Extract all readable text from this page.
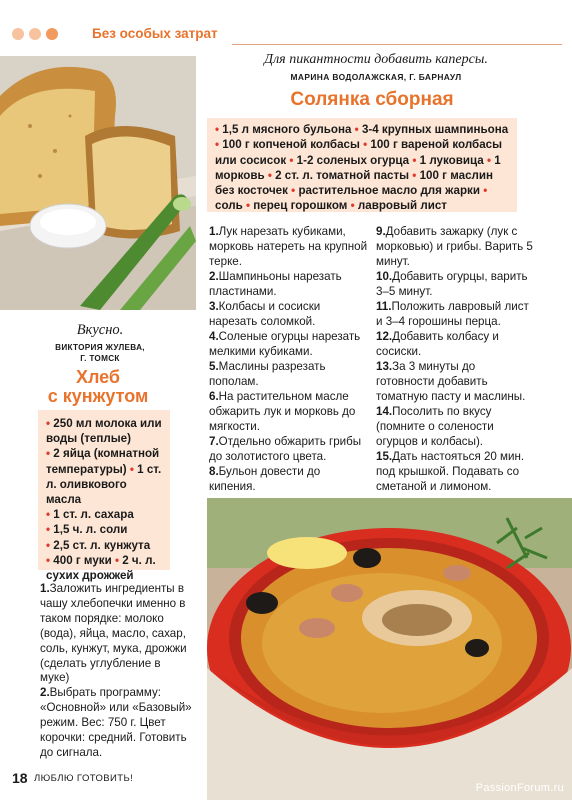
Без особых затрат
Вкусно.
ВИКТОРИЯ ЖУЛЕВА,
Г. ТОМСК
Хлеб
с кунжутом
• 250 мл молока или воды (теплые)
• 2 яйца (комнатной температуры) • 1 ст. л. оливкового масла
• 1 ст. л. сахара
• 1,5 ч. л. соли
• 2,5 ст. л. кунжута
• 400 г муки • 2 ч. л. сухих дрожжей
1.Заложить ингредиенты в чашу хлебопечки именно в таком порядке: молоко (вода), яйца, масло, сахар, соль, кунжут, мука, дрожжи (сделать углубление в муке)
2.Выбрать программу: «Основной» или «Базовый» режим. Вес: 750 г. Цвет корочки: средний. Готовить до сигнала.
18 ЛЮБЛЮ ГОТОВИТЬ!
Для пикантности добавить каперсы.
МАРИНА ВОДОЛАЖСКАЯ, Г. БАРНАУЛ
Солянка сборная
• 1,5 л мясного бульона • 3-4 крупных шампиньона • 100 г копченой колбасы • 100 г вареной колбасы или сосисок • 1-2 соленых огурца • 1 луковица • 1 морковь • 2 ст. л. томатной пасты • 100 г маслин без косточек • растительное масло для жарки • соль • перец горошком • лавровый лист
1.Лук нарезать кубиками, морковь натереть на крупной терке.
2.Шампиньоны нарезать пластинами.
3.Колбасы и сосиски нарезать соломкой.
4.Соленые огурцы нарезать мелкими кубиками.
5.Маслины разрезать пополам.
6.На растительном масле обжарить лук и морковь до мягкости.
7.Отдельно обжарить грибы до золотистого цвета.
8.Бульон довести до кипения.
9.Добавить зажарку (лук с морковью) и грибы. Варить 5 минут.
10.Добавить огурцы, варить 3–5 минут.
11.Положить лавровый лист и 3–4 горошины перца.
12.Добавить колбасу и сосиски.
13.За 3 минуты до готовности добавить томатную пасту и маслины.
14.Посолить по вкусу (помните о солености огурцов и колбасы).
15.Дать настояться 20 мин. под крышкой. Подавать со сметаной и лимоном.
PassionForum.ru
